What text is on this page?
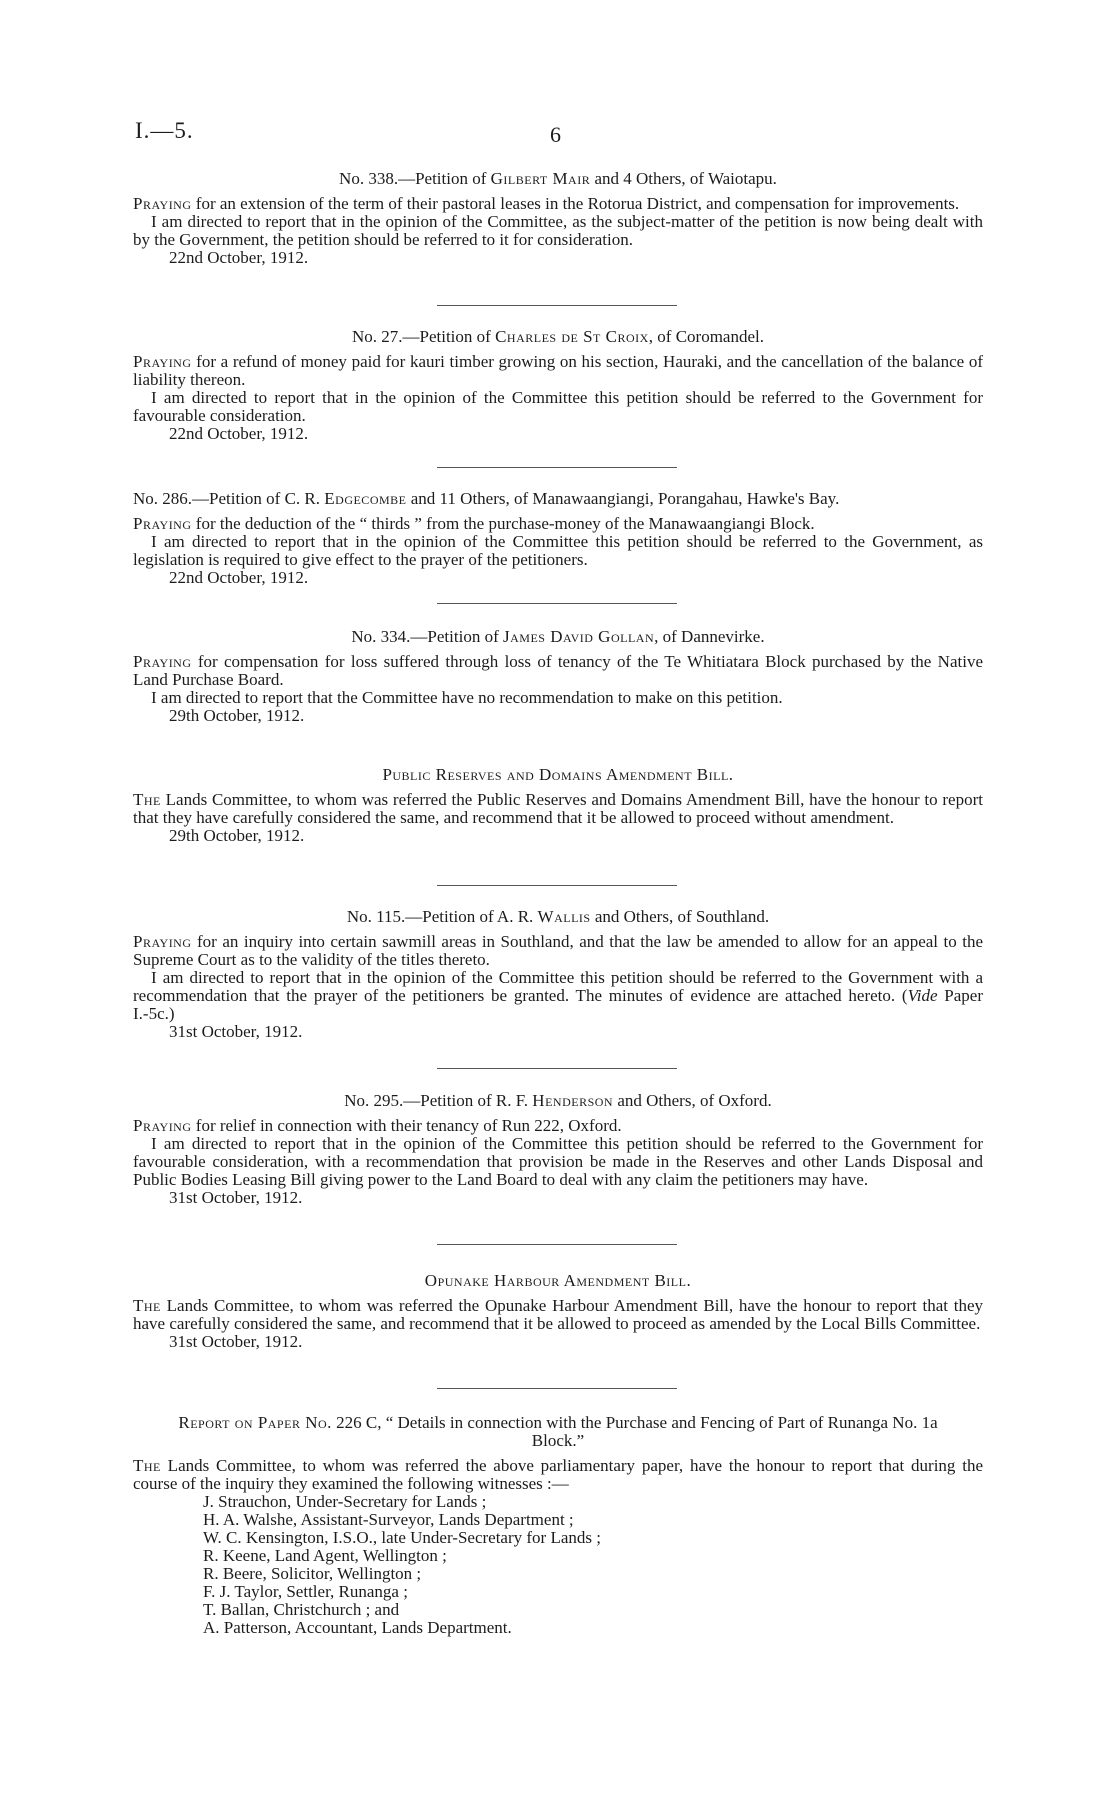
I.—5.	6
No. 338.—Petition of Gilbert Mair and 4 Others, of Waiotapu.

Praying for an extension of the term of their pastoral leases in the Rotorua District, and compensation for improvements.

I am directed to report that in the opinion of the Committee, as the subject-matter of the petition is now being dealt with by the Government, the petition should be referred to it for consideration.

22nd October, 1912.

No. 27.—Petition of Charles de St Croix, of Coromandel.

Praying for a refund of money paid for kauri timber growing on his section, Hauraki, and the cancellation of the balance of liability thereon.

I am directed to report that in the opinion of the Committee this petition should be referred to the Government for favourable consideration.

22nd October, 1912.

No. 286.—Petition of C. R. Edgecombe and 11 Others, of Manawaangiangi, Porangahau, Hawke's Bay.

Praying for the deduction of the “ thirds ” from the purchase-money of the Manawaangiangi Block.

I am directed to report that in the opinion of the Committee this petition should be referred to the Government, as legislation is required to give effect to the prayer of the petitioners.

22nd October, 1912.

No. 334.—Petition of James David Gollan, of Dannevirke.

Praying for compensation for loss suffered through loss of tenancy of the Te Whitiatara Block purchased by the Native Land Purchase Board.

I am directed to report that the Committee have no recommendation to make on this petition.

29th October, 1912.

Public Reserves and Domains Amendment Bill.

The Lands Committee, to whom was referred the Public Reserves and Domains Amendment Bill, have the honour to report that they have carefully considered the same, and recommend that it be allowed to proceed without amendment.

29th October, 1912.

No. 115.—Petition of A. R. Wallis and Others, of Southland.

Praying for an inquiry into certain sawmill areas in Southland, and that the law be amended to allow for an appeal to the Supreme Court as to the validity of the titles thereto.

I am directed to report that in the opinion of the Committee this petition should be referred to the Government with a recommendation that the prayer of the petitioners be granted. The minutes of evidence are attached hereto. (Vide Paper I.-5c.)

31st October, 1912.

No. 295.—Petition of R. F. Henderson and Others, of Oxford.

Praying for relief in connection with their tenancy of Run 222, Oxford.

I am directed to report that in the opinion of the Committee this petition should be referred to the Government for favourable consideration, with a recommendation that provision be made in the Reserves and other Lands Disposal and Public Bodies Leasing Bill giving power to the Land Board to deal with any claim the petitioners may have.

31st October, 1912.

Opunake Harbour Amendment Bill.

The Lands Committee, to whom was referred the Opunake Harbour Amendment Bill, have the honour to report that they have carefully considered the same, and recommend that it be allowed to proceed as amended by the Local Bills Committee.

31st October, 1912.

Report on Paper No. 226 C, “ Details in connection with the Purchase and Fencing of Part of Runanga No. 1a Block.”

The Lands Committee, to whom was referred the above parliamentary paper, have the honour to report that during the course of the inquiry they examined the following witnesses :—

J. Strauchon, Under-Secretary for Lands ;
H. A. Walshe, Assistant-Surveyor, Lands Department ;
W. C. Kensington, I.S.O., late Under-Secretary for Lands ;
R. Keene, Land Agent, Wellington ;
R. Beere, Solicitor, Wellington ;
F. J. Taylor, Settler, Runanga ;
T. Ballan, Christchurch ; and
A. Patterson, Accountant, Lands Department.
